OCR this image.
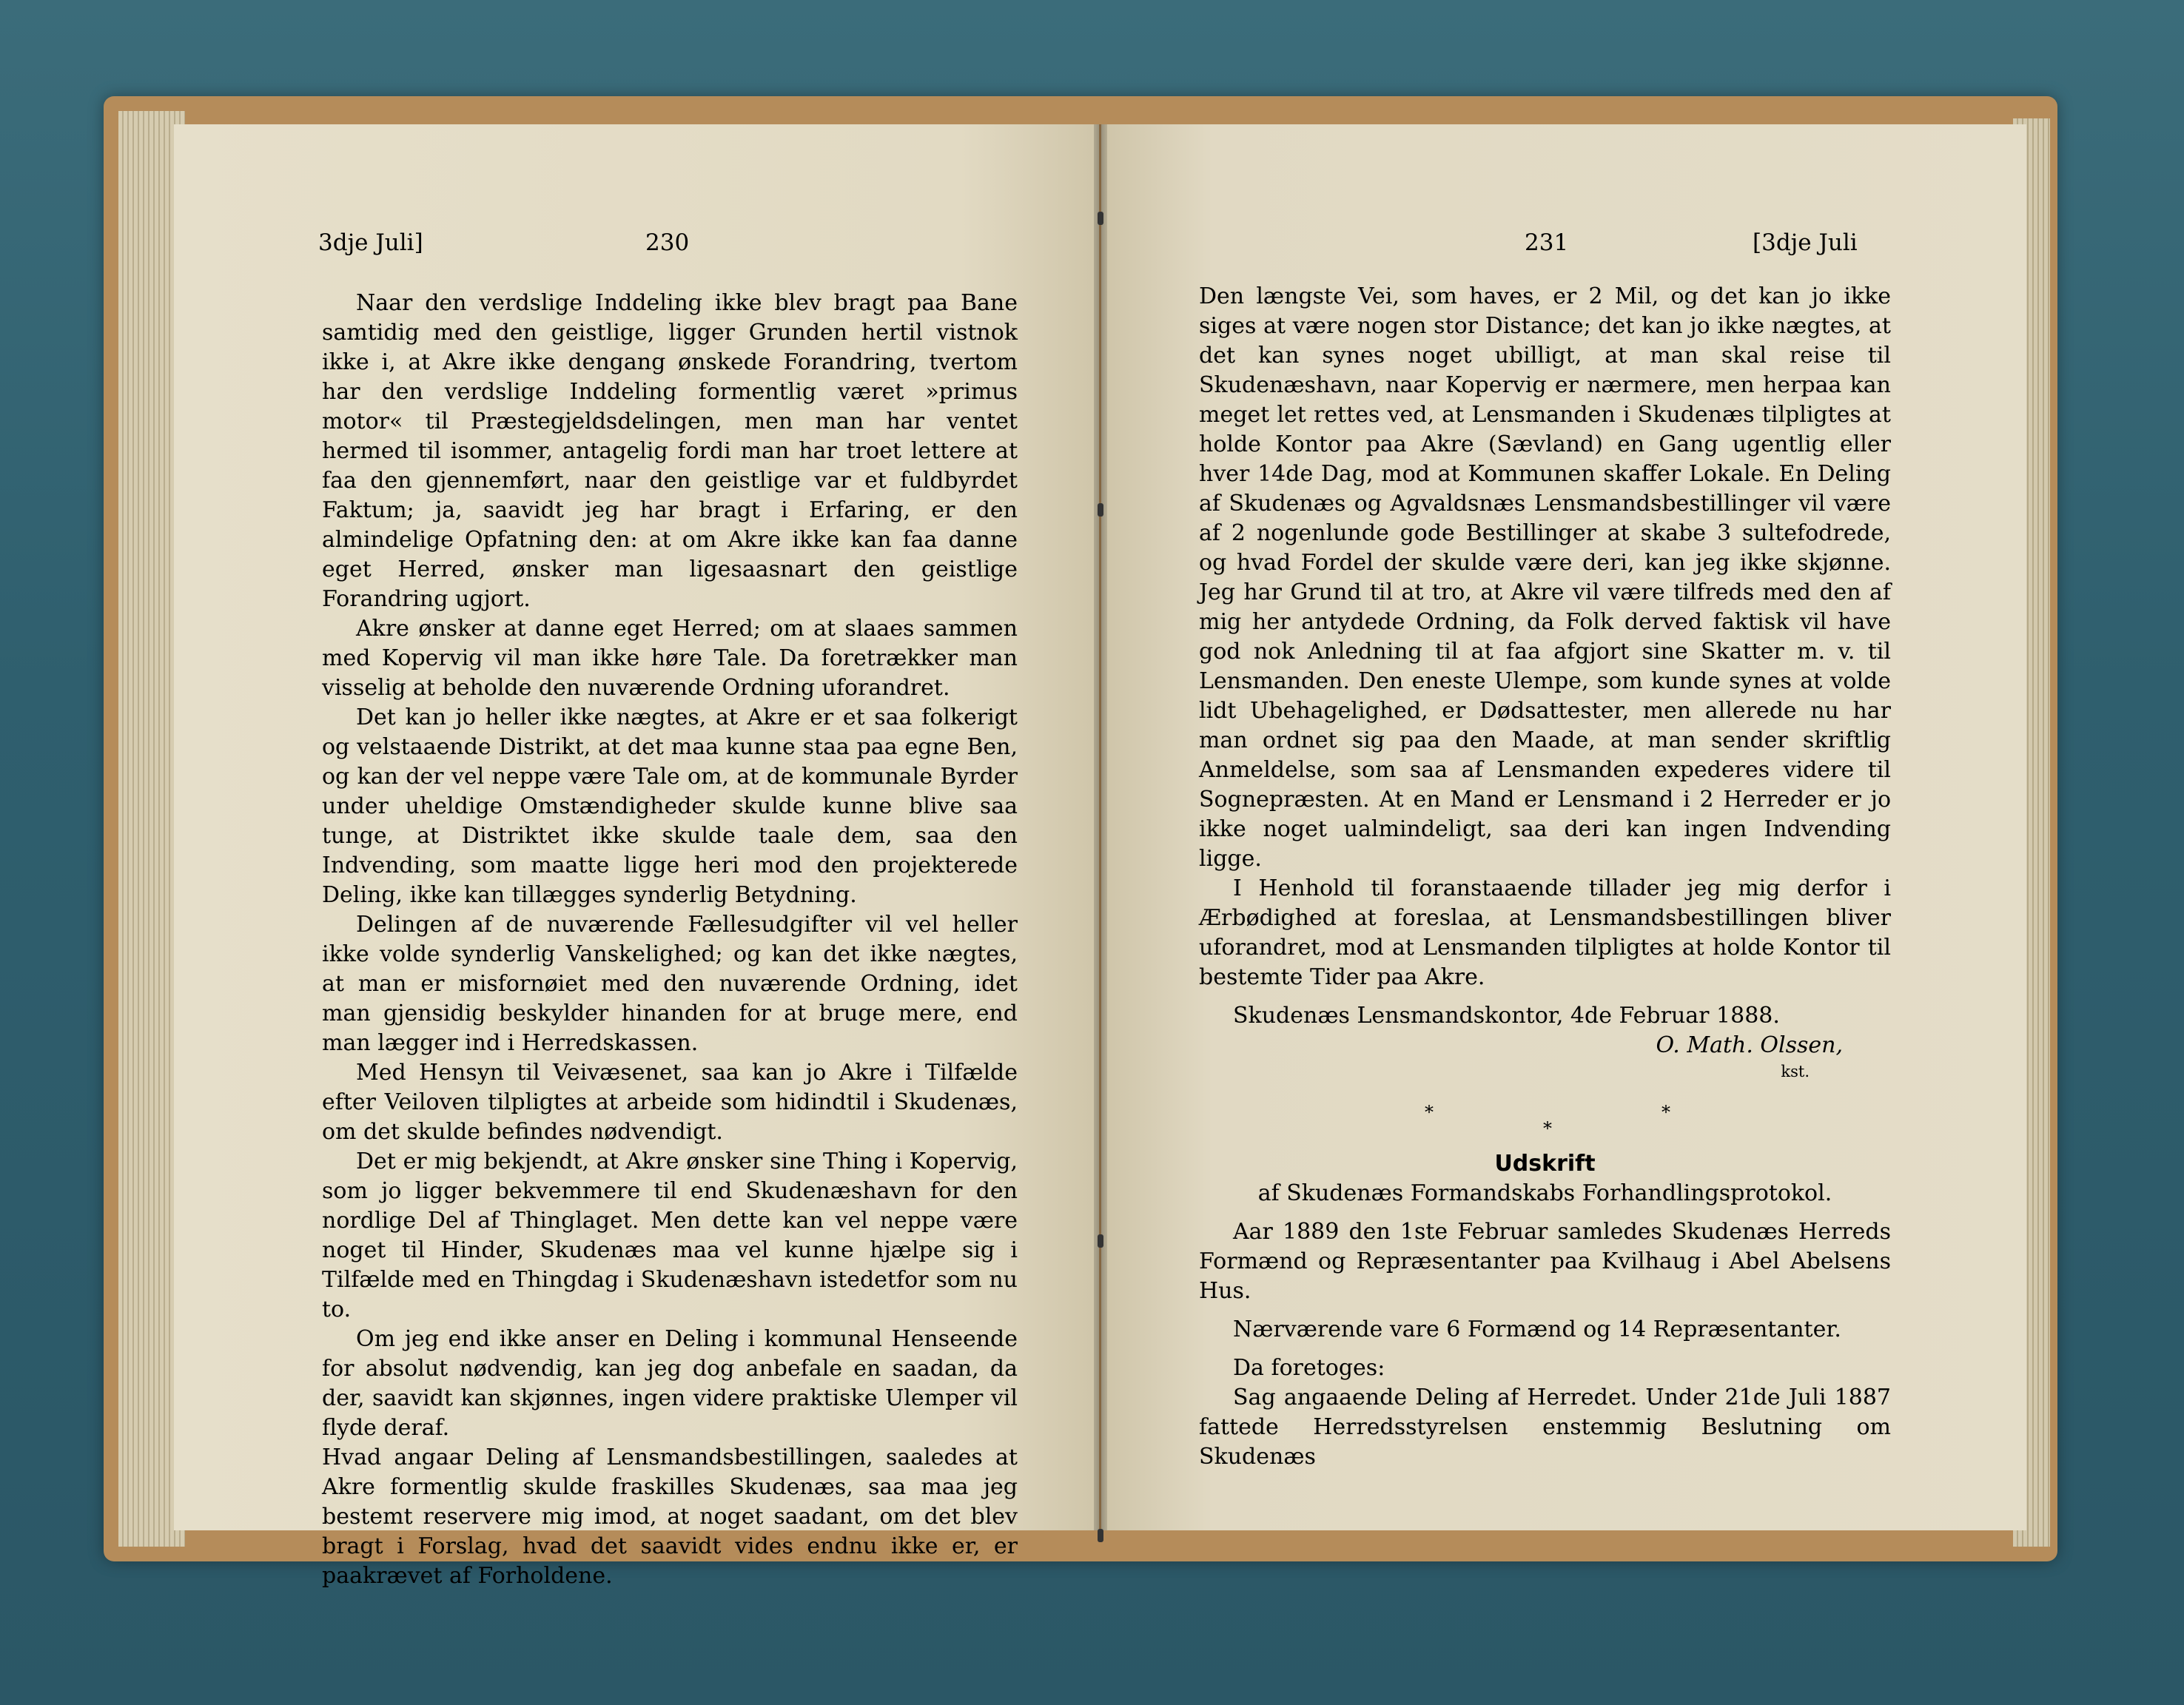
3dje Juli]	230

Naar den verdslige Inddeling ikke blev bragt paa Bane samtidig med den geistlige, ligger Grunden hertil vistnok ikke i, at Akre ikke dengang ønskede Forandring, tvertom har den verdslige Inddeling formentlig været »primus motor« til Præstegjeldsdelingen, men man har ventet hermed til isommer, antagelig fordi man har troet lettere at faa den gjennemført, naar den geistlige var et fuldbyrdet Faktum; ja, saavidt jeg har bragt i Erfaring, er den almindelige Opfatning den: at om Akre ikke kan faa danne eget Herred, ønsker man ligesaasnart den geistlige Forandring ugjort.

Akre ønsker at danne eget Herred; om at slaaes sammen med Kopervig vil man ikke høre Tale. Da foretrækker man visselig at beholde den nuværende Ordning uforandret.

Det kan jo heller ikke nægtes, at Akre er et saa folkerigt og velstaaende Distrikt, at det maa kunne staa paa egne Ben, og kan der vel neppe være Tale om, at de kommunale Byrder under uheldige Omstændigheder skulde kunne blive saa tunge, at Distriktet ikke skulde taale dem, saa den Indvending, som maatte ligge heri mod den projekterede Deling, ikke kan tillægges synderlig Betydning.

Delingen af de nuværende Fællesudgifter vil vel heller ikke volde synderlig Vanskelighed; og kan det ikke nægtes, at man er misfornøiet med den nuværende Ordning, idet man gjensidig beskylder hinanden for at bruge mere, end man lægger ind i Herredskassen.

Med Hensyn til Veivæsenet, saa kan jo Akre i Tilfælde efter Veiloven tilpligtes at arbeide som hidindtil i Skudenæs, om det skulde befindes nødvendigt.

Det er mig bekjendt, at Akre ønsker sine Thing i Kopervig, som jo ligger bekvemmere til end Skudenæshavn for den nordlige Del af Thinglaget. Men dette kan vel neppe være noget til Hinder, Skudenæs maa vel kunne hjælpe sig i Tilfælde med en Thingdag i Skudenæshavn istedetfor som nu to.

Om jeg end ikke anser en Deling i kommunal Henseende for absolut nødvendig, kan jeg dog anbefale en saadan, da der, saavidt kan skjønnes, ingen videre praktiske Ulemper vil flyde deraf.

Hvad angaar Deling af Lensmandsbestillingen, saaledes at Akre formentlig skulde fraskilles Skudenæs, saa maa jeg bestemt reservere mig imod, at noget saadant, om det blev bragt i Forslag, hvad det saavidt vides endnu ikke er, er paakrævet af Forholdene.

231	[3dje Juli

Den længste Vei, som haves, er 2 Mil, og det kan jo ikke siges at være nogen stor Distance; det kan jo ikke nægtes, at det kan synes noget ubilligt, at man skal reise til Skudenæshavn, naar Kopervig er nærmere, men herpaa kan meget let rettes ved, at Lensmanden i Skudenæs tilpligtes at holde Kontor paa Akre (Sævland) en Gang ugentlig eller hver 14de Dag, mod at Kommunen skaffer Lokale. En Deling af Skudenæs og Agvaldsnæs Lensmandsbestillinger vil være af 2 nogenlunde gode Bestillinger at skabe 3 sultefodrede, og hvad Fordel der skulde være deri, kan jeg ikke skjønne. Jeg har Grund til at tro, at Akre vil være tilfreds med den af mig her antydede Ordning, da Folk derved faktisk vil have god nok Anledning til at faa afgjort sine Skatter m. v. til Lensmanden. Den eneste Ulempe, som kunde synes at volde lidt Ubehagelighed, er Dødsattester, men allerede nu har man ordnet sig paa den Maade, at man sender skriftlig Anmeldelse, som saa af Lensmanden expederes videre til Sognepræsten. At en Mand er Lensmand i 2 Herreder er jo ikke noget ualmindeligt, saa deri kan ingen Indvending ligge.

I Henhold til foranstaaende tillader jeg mig derfor i Ærbødighed at foreslaa, at Lensmandsbestillingen bliver uforandret, mod at Lensmanden tilpligtes at holde Kontor til bestemte Tider paa Akre.

Skudenæs Lensmandskontor, 4de Februar 1888.

O. Math. Olssen,
kst.
*
*
*
Udskrift
af Skudenæs Formandskabs Forhandlingsprotokol.

Aar 1889 den 1ste Februar samledes Skudenæs Herreds Formænd og Repræsentanter paa Kvilhaug i Abel Abelsens Hus.

Nærværende vare 6 Formænd og 14 Repræsentanter.

Da foretoges:

Sag angaaende Deling af Herredet. Under 21de Juli 1887 fattede Herredsstyrelsen enstemmig Beslutning om Skudenæs
